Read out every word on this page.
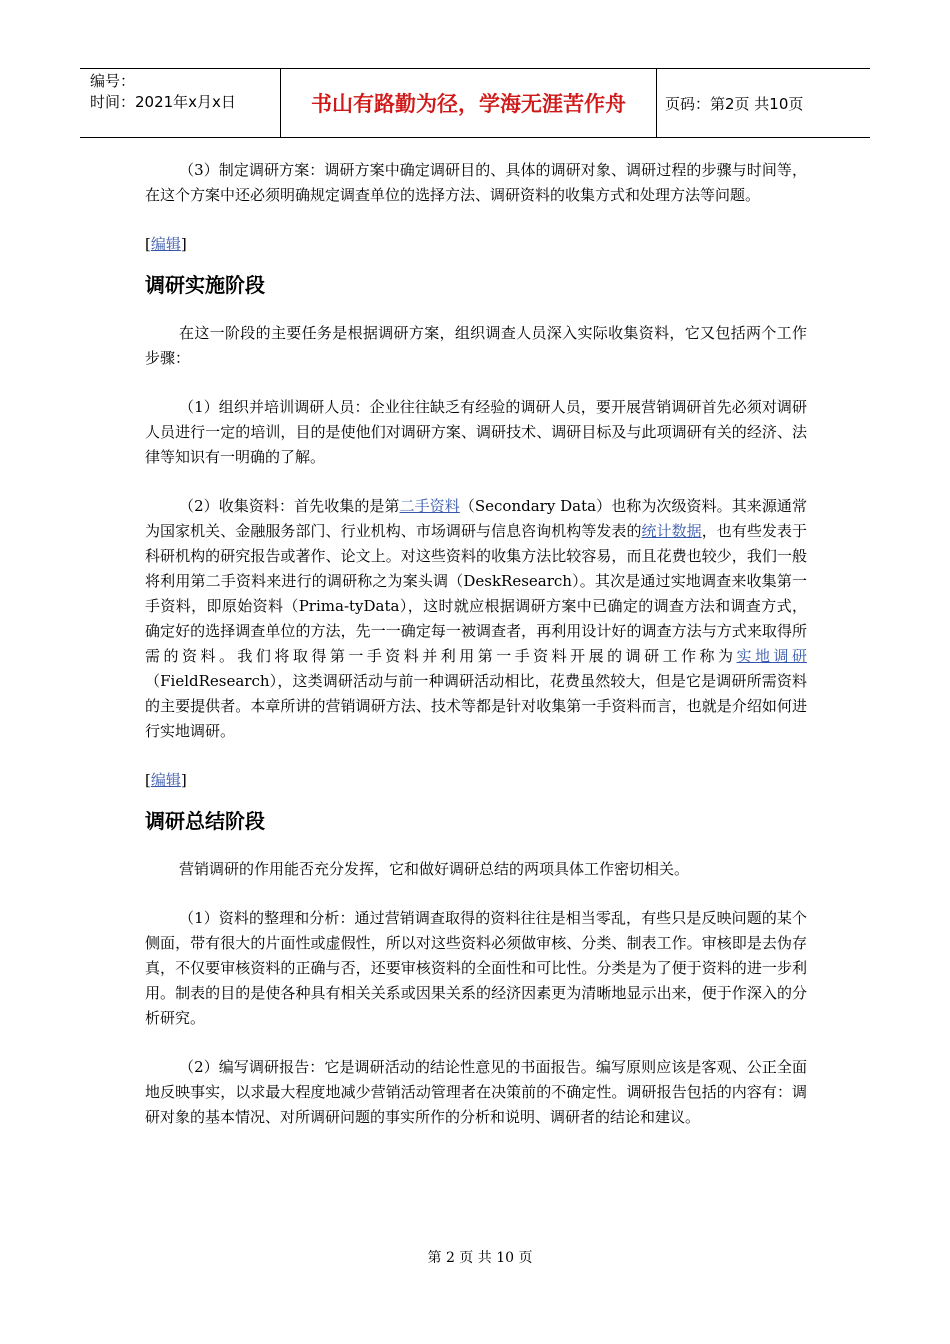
编号：
时间：2021年x月x日	书山有路勤为径，学海无涯苦作舟	页码：第2页 共10页

（3）制定调研方案：调研方案中确定调研目的、具体的调研对象、调研过程的步骤与时间等，在这个方案中还必须明确规定调查单位的选择方法、调研资料的收集方式和处理方法等问题。

[编辑]

调研实施阶段

在这一阶段的主要任务是根据调研方案，组织调查人员深入实际收集资料，它又包括两个工作步骤：

（1）组织并培训调研人员：企业往往缺乏有经验的调研人员，要开展营销调研首先必须对调研人员进行一定的培训，目的是使他们对调研方案、调研技术、调研目标及与此项调研有关的经济、法律等知识有一明确的了解。

（2）收集资料：首先收集的是第二手资料（Secondary Data）也称为次级资料。其来源通常为国家机关、金融服务部门、行业机构、市场调研与信息咨询机构等发表的统计数据，也有些发表于科研机构的研究报告或著作、论文上。对这些资料的收集方法比较容易，而且花费也较少，我们一般将利用第二手资料来进行的调研称之为案头调（DeskResearch）。其次是通过实地调查来收集第一手资料，即原始资料（Prima-tyData），这时就应根据调研方案中已确定的调查方法和调查方式，确定好的选择调查单位的方法，先一一确定每一被调查者，再利用设计好的调查方法与方式来取得所需的资料。我们将取得第一手资料并利用第一手资料开展的调研工作称为实地调研（FieldResearch），这类调研活动与前一种调研活动相比，花费虽然较大，但是它是调研所需资料的主要提供者。本章所讲的营销调研方法、技术等都是针对收集第一手资料而言，也就是介绍如何进行实地调研。

[编辑]

调研总结阶段

营销调研的作用能否充分发挥，它和做好调研总结的两项具体工作密切相关。

（1）资料的整理和分析：通过营销调查取得的资料往往是相当零乱，有些只是反映问题的某个侧面，带有很大的片面性或虚假性，所以对这些资料必须做审核、分类、制表工作。审核即是去伪存真，不仅要审核资料的正确与否，还要审核资料的全面性和可比性。分类是为了便于资料的进一步利用。制表的目的是使各种具有相关关系或因果关系的经济因素更为清晰地显示出来，便于作深入的分析研究。

（2）编写调研报告：它是调研活动的结论性意见的书面报告。编写原则应该是客观、公正全面地反映事实，以求最大程度地减少营销活动管理者在决策前的不确定性。调研报告包括的内容有：调研对象的基本情况、对所调研问题的事实所作的分析和说明、调研者的结论和建议。

第 2 页 共 10 页
